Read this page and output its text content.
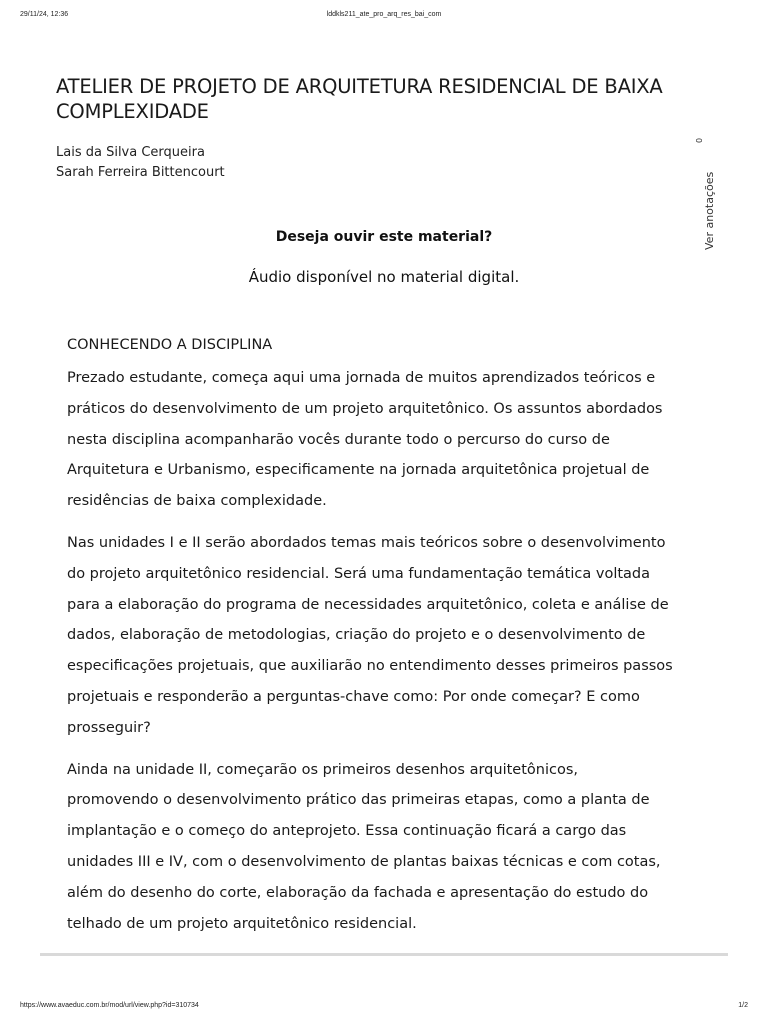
29/11/24, 12:36	lddkls211_ate_pro_arq_res_bai_com
ATELIER DE PROJETO DE ARQUITETURA RESIDENCIAL DE BAIXA COMPLEXIDADE
Lais da Silva Cerqueira
Sarah Ferreira Bittencourt
0
Ver anotações
Deseja ouvir este material?
Áudio disponível no material digital.
CONHECENDO A DISCIPLINA

Prezado estudante, começa aqui uma jornada de muitos aprendizados teóricos e
práticos do desenvolvimento de um projeto arquitetônico. Os assuntos abordados
nesta disciplina acompanharão vocês durante todo o percurso do curso de
Arquitetura e Urbanismo, especificamente na jornada arquitetônica projetual de
residências de baixa complexidade.

Nas unidades I e II serão abordados temas mais teóricos sobre o desenvolvimento
do projeto arquitetônico residencial. Será uma fundamentação temática voltada
para a elaboração do programa de necessidades arquitetônico, coleta e análise de
dados, elaboração de metodologias, criação do projeto e o desenvolvimento de
especificações projetuais, que auxiliarão no entendimento desses primeiros passos
projetuais e responderão a perguntas-chave como: Por onde começar? E como
prosseguir?

Ainda na unidade II, começarão os primeiros desenhos arquitetônicos,
promovendo o desenvolvimento prático das primeiras etapas, como a planta de
implantação e o começo do anteprojeto. Essa continuação ficará a cargo das
unidades III e IV, com o desenvolvimento de plantas baixas técnicas e com cotas,
além do desenho do corte, elaboração da fachada e apresentação do estudo do
telhado de um projeto arquitetônico residencial.

https://www.avaeduc.com.br/mod/url/view.php?id=310734	1/2
